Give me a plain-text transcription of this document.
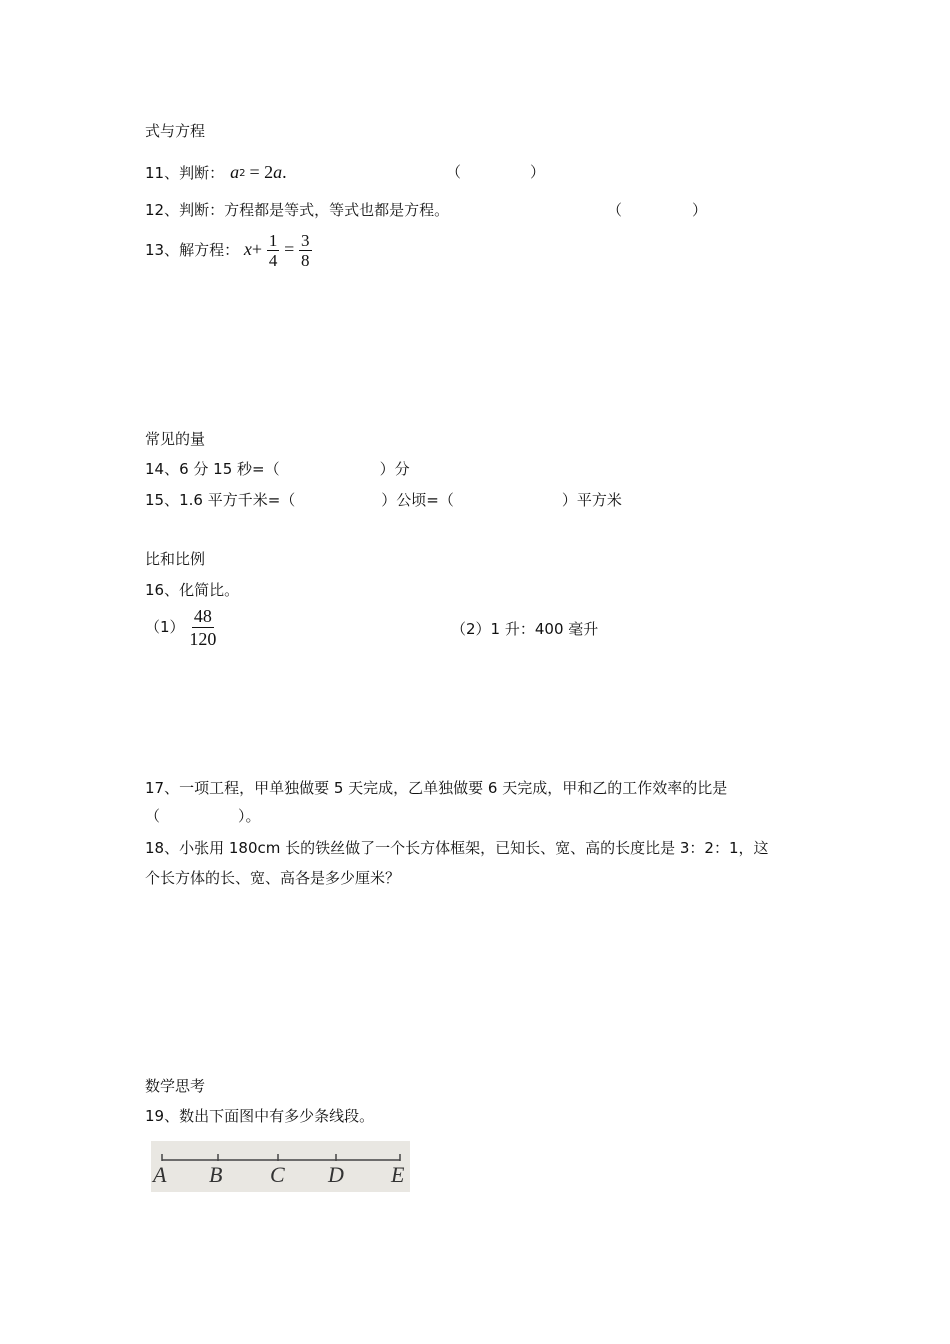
式与方程
11、判断： a2 = 2a.	（	）
12、判断：方程都是等式，等式也都是方程。	（	）
13、解方程： $x+ \frac{1}{4} = \frac{3}{8}$
常见的量
14、6 分 15 秒=（	）分
15、1.6 平方千米=（	）公顷=（	）平方米
比和比例
16、化简比。
$(1) \frac{48}{120}$	（2）1 升：400 毫升
17、一项工程，甲单独做要 5 天完成，乙单独做要 6 天完成，甲和乙的工作效率的比是
（	）。
18、小张用 180cm 长的铁丝做了一个长方体框架，已知长、宽、高的长度比是 3：2：1，这
个长方体的长、宽、高各是多少厘米？
数学思考
19、数出下面图中有多少条线段。
A B C D E
